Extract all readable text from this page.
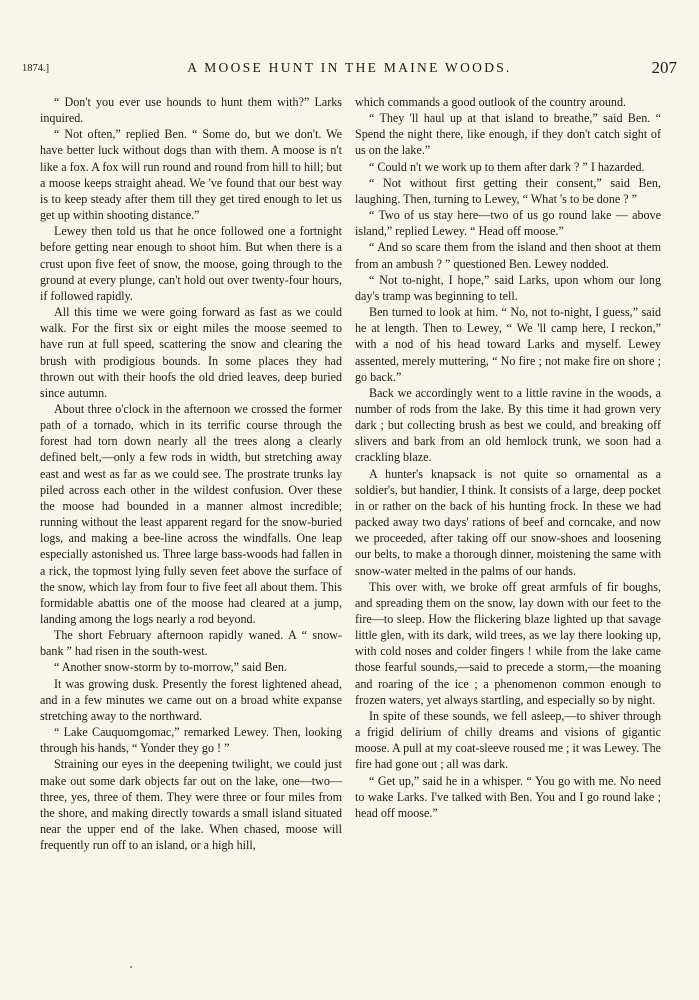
1874.]	A MOOSE HUNT IN THE MAINE WOODS.	207

“ Don't you ever use hounds to hunt them with?” Larks inquired.

“ Not often,” replied Ben. “ Some do, but we don't. We have better luck without dogs than with them. A moose is n't like a fox. A fox will run round and round from hill to hill; but a moose keeps straight ahead. We 've found that our best way is to keep steady after them till they get tired enough to let us get up within shooting distance.”

Lewey then told us that he once followed one a fortnight before getting near enough to shoot him. But when there is a crust upon five feet of snow, the moose, going through to the ground at every plunge, can't hold out over twenty-four hours, if followed rapidly.

All this time we were going forward as fast as we could walk. For the first six or eight miles the moose seemed to have run at full speed, scattering the snow and clearing the brush with prodigious bounds. In some places they had thrown out with their hoofs the old dried leaves, deep buried since autumn.

About three o'clock in the afternoon we crossed the former path of a tornado, which in its terrific course through the forest had torn down nearly all the trees along a clearly defined belt,—only a few rods in width, but stretching away east and west as far as we could see. The prostrate trunks lay piled across each other in the wildest confusion. Over these the moose had bounded in a manner almost incredible; running without the least apparent regard for the snow-buried logs, and making a bee-line across the windfalls. One leap especially astonished us. Three large bass-woods had fallen in a rick, the topmost lying fully seven feet above the surface of the snow, which lay from four to five feet all about them. This formidable abattis one of the moose had cleared at a jump, landing among the logs nearly a rod beyond.

The short February afternoon rapidly waned. A “ snow-bank ” had risen in the south-west.

“ Another snow-storm by to-morrow,” said Ben.

It was growing dusk. Presently the forest lightened ahead, and in a few minutes we came out on a broad white expanse stretching away to the northward.

“ Lake Cauquomgomac,” remarked Lewey. Then, looking through his hands, “ Yonder they go ! ”

Straining our eyes in the deepening twilight, we could just make out some dark objects far out on the lake, one—two—three, yes, three of them. They were three or four miles from the shore, and making directly towards a small island situated near the upper end of the lake. When chased, moose will frequently run off to an island, or a high hill,

which commands a good outlook of the country around.

“ They 'll haul up at that island to breathe,” said Ben. “ Spend the night there, like enough, if they don't catch sight of us on the lake.”

“ Could n't we work up to them after dark ? ” I hazarded.

“ Not without first getting their consent,” said Ben, laughing. Then, turning to Lewey, “ What 's to be done ? ”

“ Two of us stay here—two of us go round lake — above island,” replied Lewey. “ Head off moose.”

“ And so scare them from the island and then shoot at them from an ambush ? ” questioned Ben. Lewey nodded.

“ Not to-night, I hope,” said Larks, upon whom our long day's tramp was beginning to tell.

Ben turned to look at him. “ No, not to-night, I guess,” said he at length. Then to Lewey, “ We 'll camp here, I reckon,” with a nod of his head toward Larks and myself. Lewey assented, merely muttering, “ No fire ; not make fire on shore ; go back.”

Back we accordingly went to a little ravine in the woods, a number of rods from the lake. By this time it had grown very dark ; but collecting brush as best we could, and breaking off slivers and bark from an old hemlock trunk, we soon had a crackling blaze.

A hunter's knapsack is not quite so ornamental as a soldier's, but handier, I think. It consists of a large, deep pocket in or rather on the back of his hunting frock. In these we had packed away two days' rations of beef and corncake, and now we proceeded, after taking off our snow-shoes and loosening our belts, to make a thorough dinner, moistening the same with snow-water melted in the palms of our hands.

This over with, we broke off great armfuls of fir boughs, and spreading them on the snow, lay down with our feet to the fire—to sleep. How the flickering blaze lighted up that savage little glen, with its dark, wild trees, as we lay there looking up, with cold noses and colder fingers ! while from the lake came those fearful sounds,—said to precede a storm,—the moaning and roaring of the ice ; a phenomenon common enough to frozen waters, yet always startling, and especially so by night.

In spite of these sounds, we fell asleep,—to shiver through a frigid delirium of chilly dreams and visions of gigantic moose. A pull at my coat-sleeve roused me ; it was Lewey. The fire had gone out ; all was dark.

“ Get up,” said he in a whisper. “ You go with me. No need to wake Larks. I've talked with Ben. You and I go round lake ; head off moose.”
